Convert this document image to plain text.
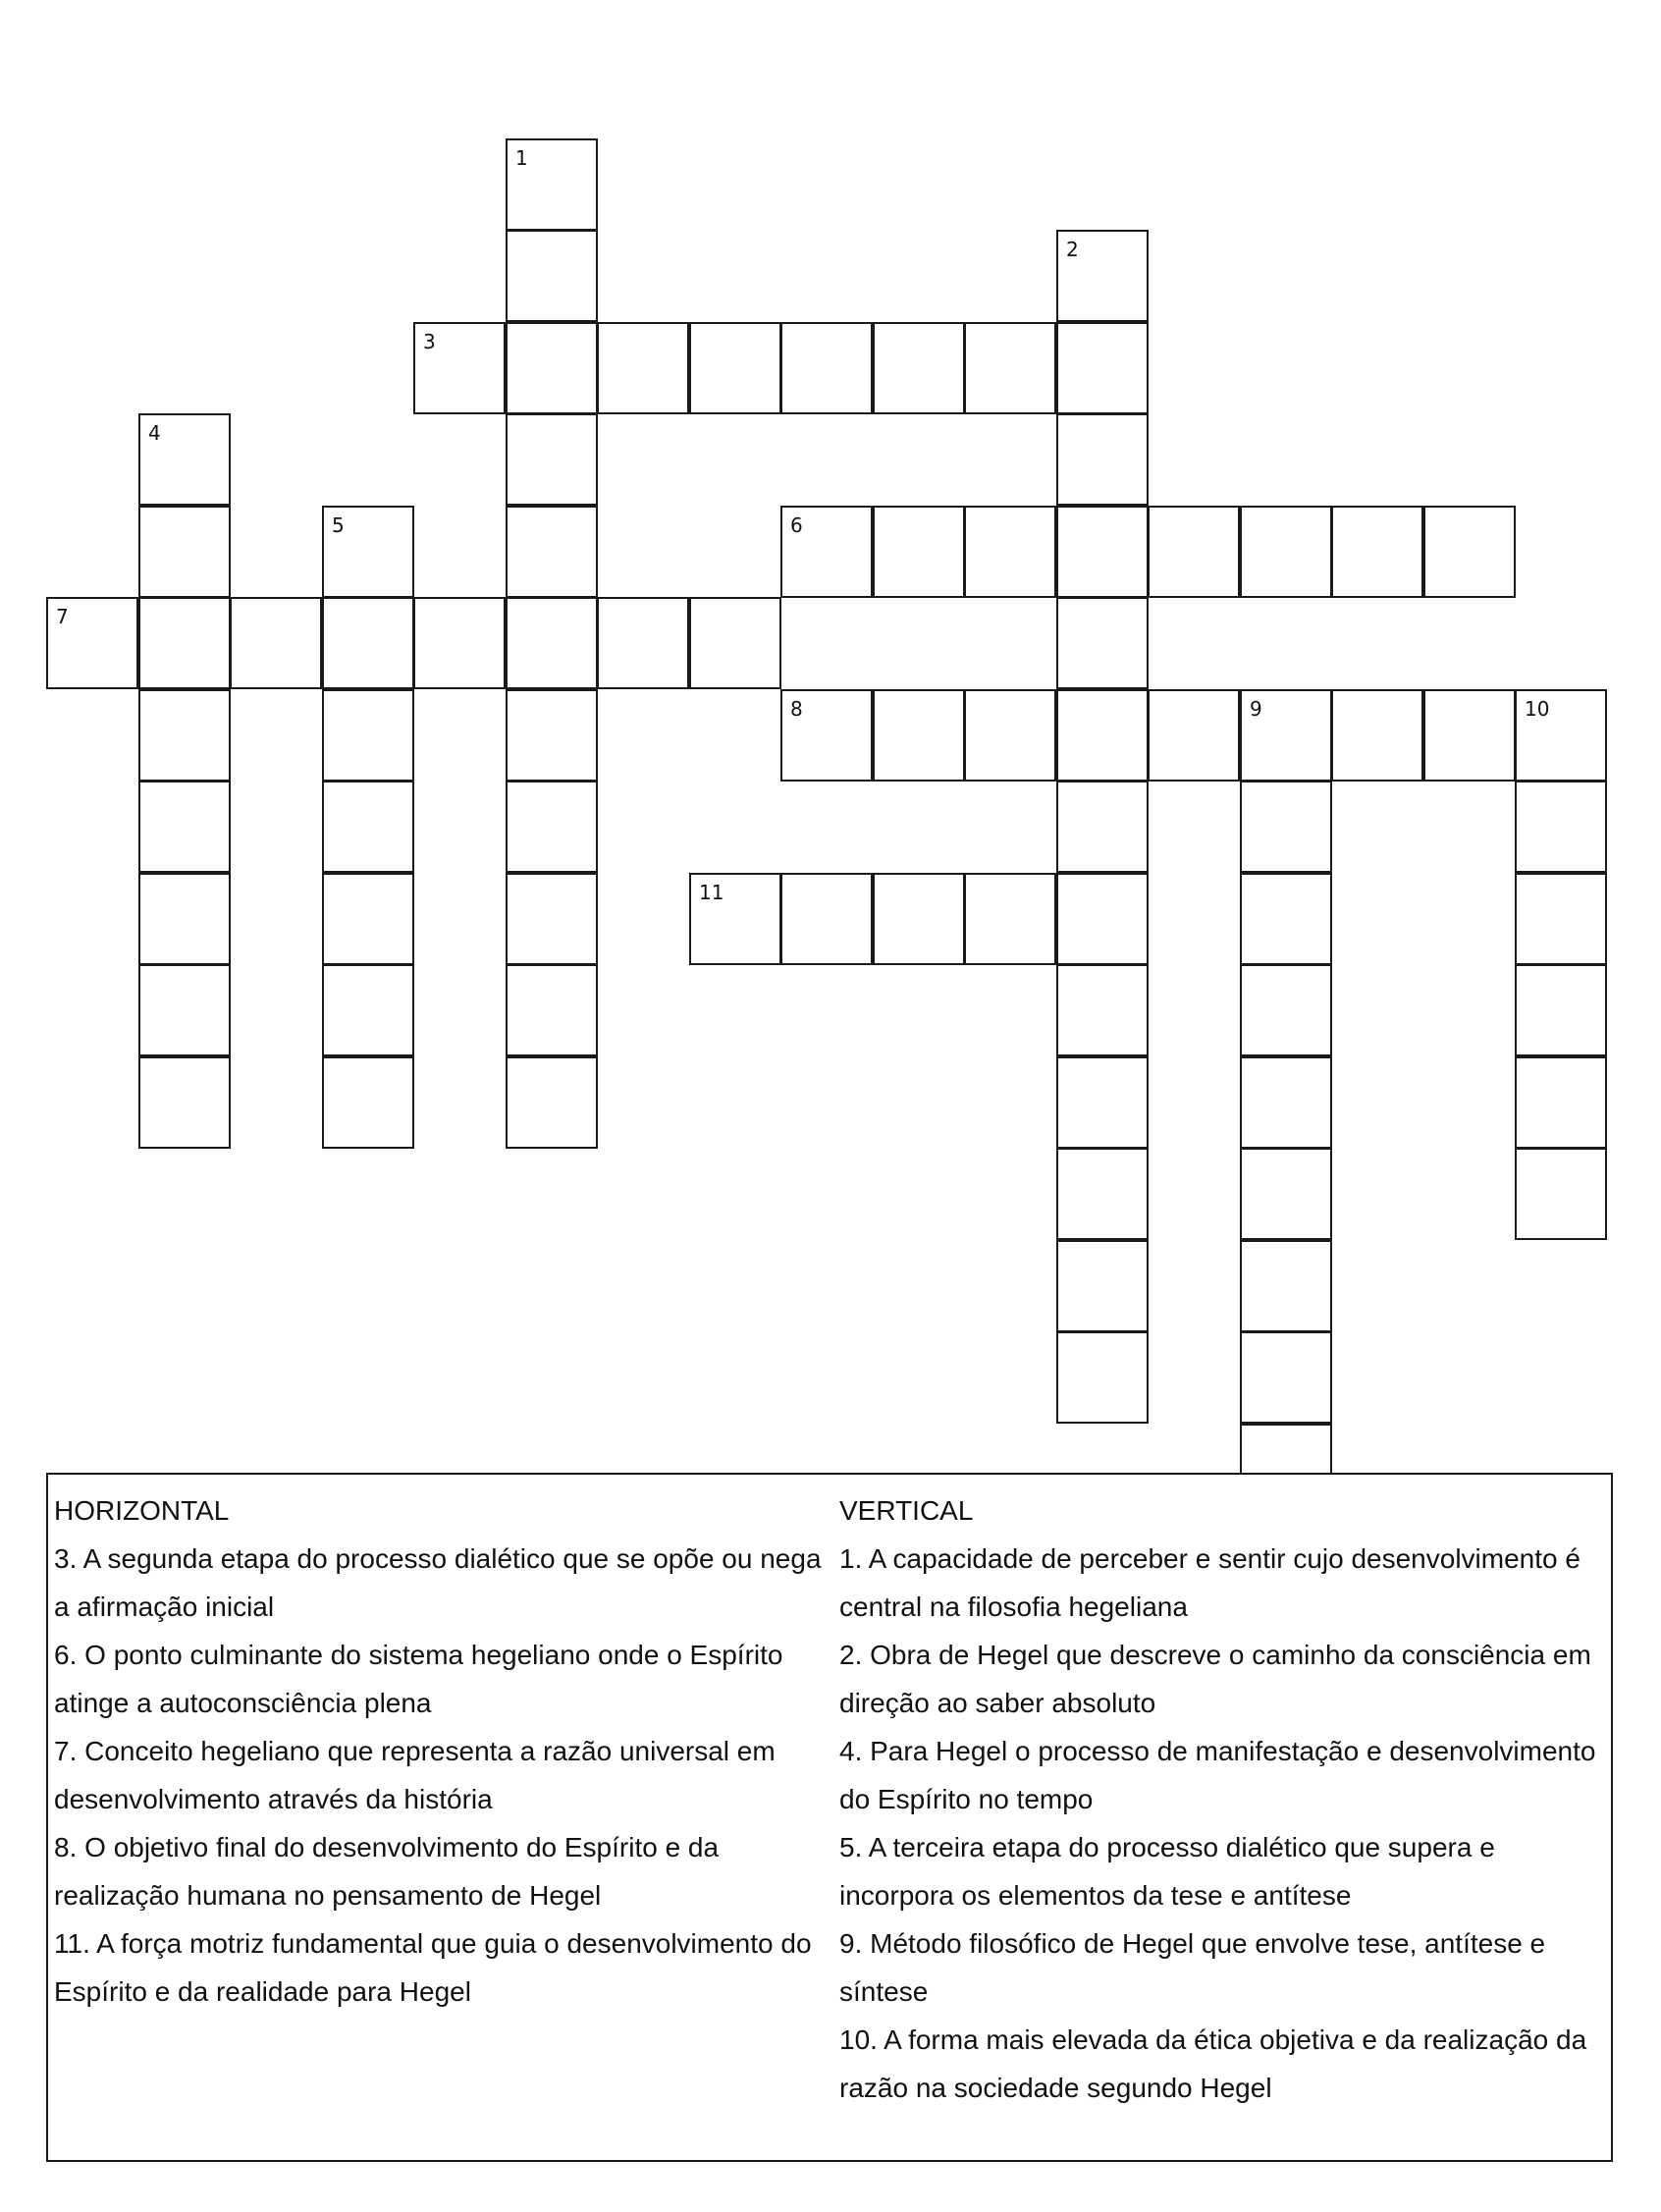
1
2
3
4
5	6
7
8	9	10
11
HORIZONTAL
3. A segunda etapa do processo dialético que se opõe ou nega a afirmação inicial
6. O ponto culminante do sistema hegeliano onde o Espírito atinge a autoconsciência plena
7. Conceito hegeliano que representa a razão universal em desenvolvimento através da história
8. O objetivo final do desenvolvimento do Espírito e da realização humana no pensamento de Hegel
11. A força motriz fundamental que guia o desenvolvimento do Espírito e da realidade para Hegel
VERTICAL
1. A capacidade de perceber e sentir cujo desenvolvimento é central na filosofia hegeliana
2. Obra de Hegel que descreve o caminho da consciência em direção ao saber absoluto
4. Para Hegel o processo de manifestação e desenvolvimento do Espírito no tempo
5. A terceira etapa do processo dialético que supera e incorpora os elementos da tese e antítese
9. Método filosófico de Hegel que envolve tese, antítese e síntese
10. A forma mais elevada da ética objetiva e da realização da razão na sociedade segundo Hegel
